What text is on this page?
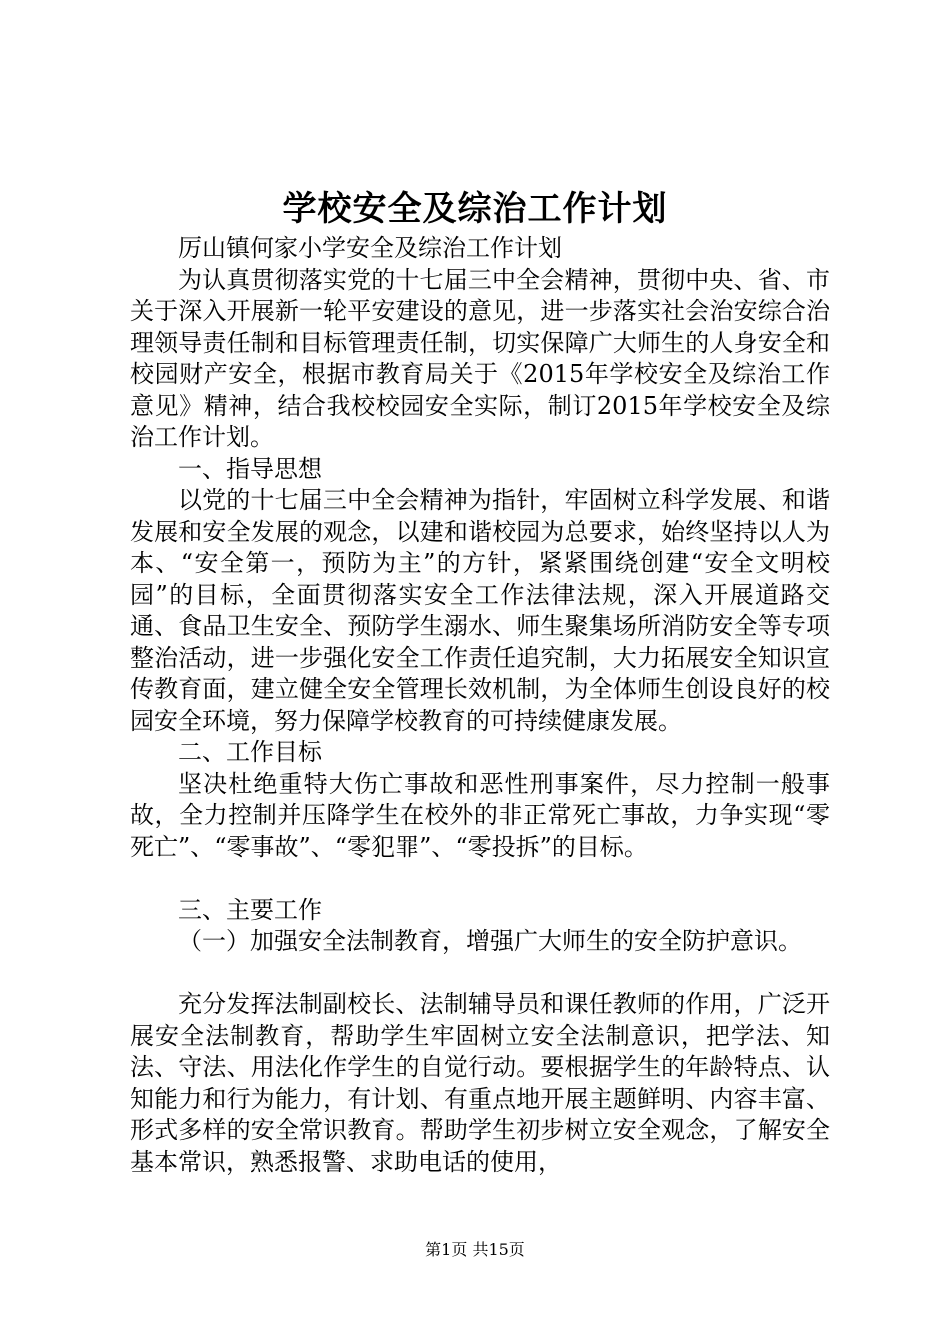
学校安全及综治工作计划

厉山镇何家小学安全及综治工作计划

为认真贯彻落实党的十七届三中全会精神，贯彻中央、省、市关于深入开展新一轮平安建设的意见，进一步落实社会治安综合治理领导责任制和目标管理责任制，切实保障广大师生的人身安全和校园财产安全，根据市教育局关于《2015年学校安全及综治工作意见》精神，结合我校校园安全实际，制订2015年学校安全及综治工作计划。

一、指导思想

以党的十七届三中全会精神为指针，牢固树立科学发展、和谐发展和安全发展的观念，以建和谐校园为总要求，始终坚持以人为本、“安全第一，预防为主”的方针，紧紧围绕创建“安全文明校园”的目标，全面贯彻落实安全工作法律法规，深入开展道路交通、食品卫生安全、预防学生溺水、师生聚集场所消防安全等专项整治活动，进一步强化安全工作责任追究制，大力拓展安全知识宣传教育面，建立健全安全管理长效机制，为全体师生创设良好的校园安全环境，努力保障学校教育的可持续健康发展。

二、工作目标

坚决杜绝重特大伤亡事故和恶性刑事案件，尽力控制一般事故，全力控制并压降学生在校外的非正常死亡事故，力争实现“零死亡”、“零事故”、“零犯罪”、“零投拆”的目标。

三、主要工作

（一）加强安全法制教育，增强广大师生的安全防护意识。

充分发挥法制副校长、法制辅导员和课任教师的作用，广泛开展安全法制教育，帮助学生牢固树立安全法制意识，把学法、知法、守法、用法化作学生的自觉行动。要根据学生的年龄特点、认知能力和行为能力，有计划、有重点地开展主题鲜明、内容丰富、形式多样的安全常识教育。帮助学生初步树立安全观念，了解安全基本常识，熟悉报警、求助电话的使用，

第1页 共15页
